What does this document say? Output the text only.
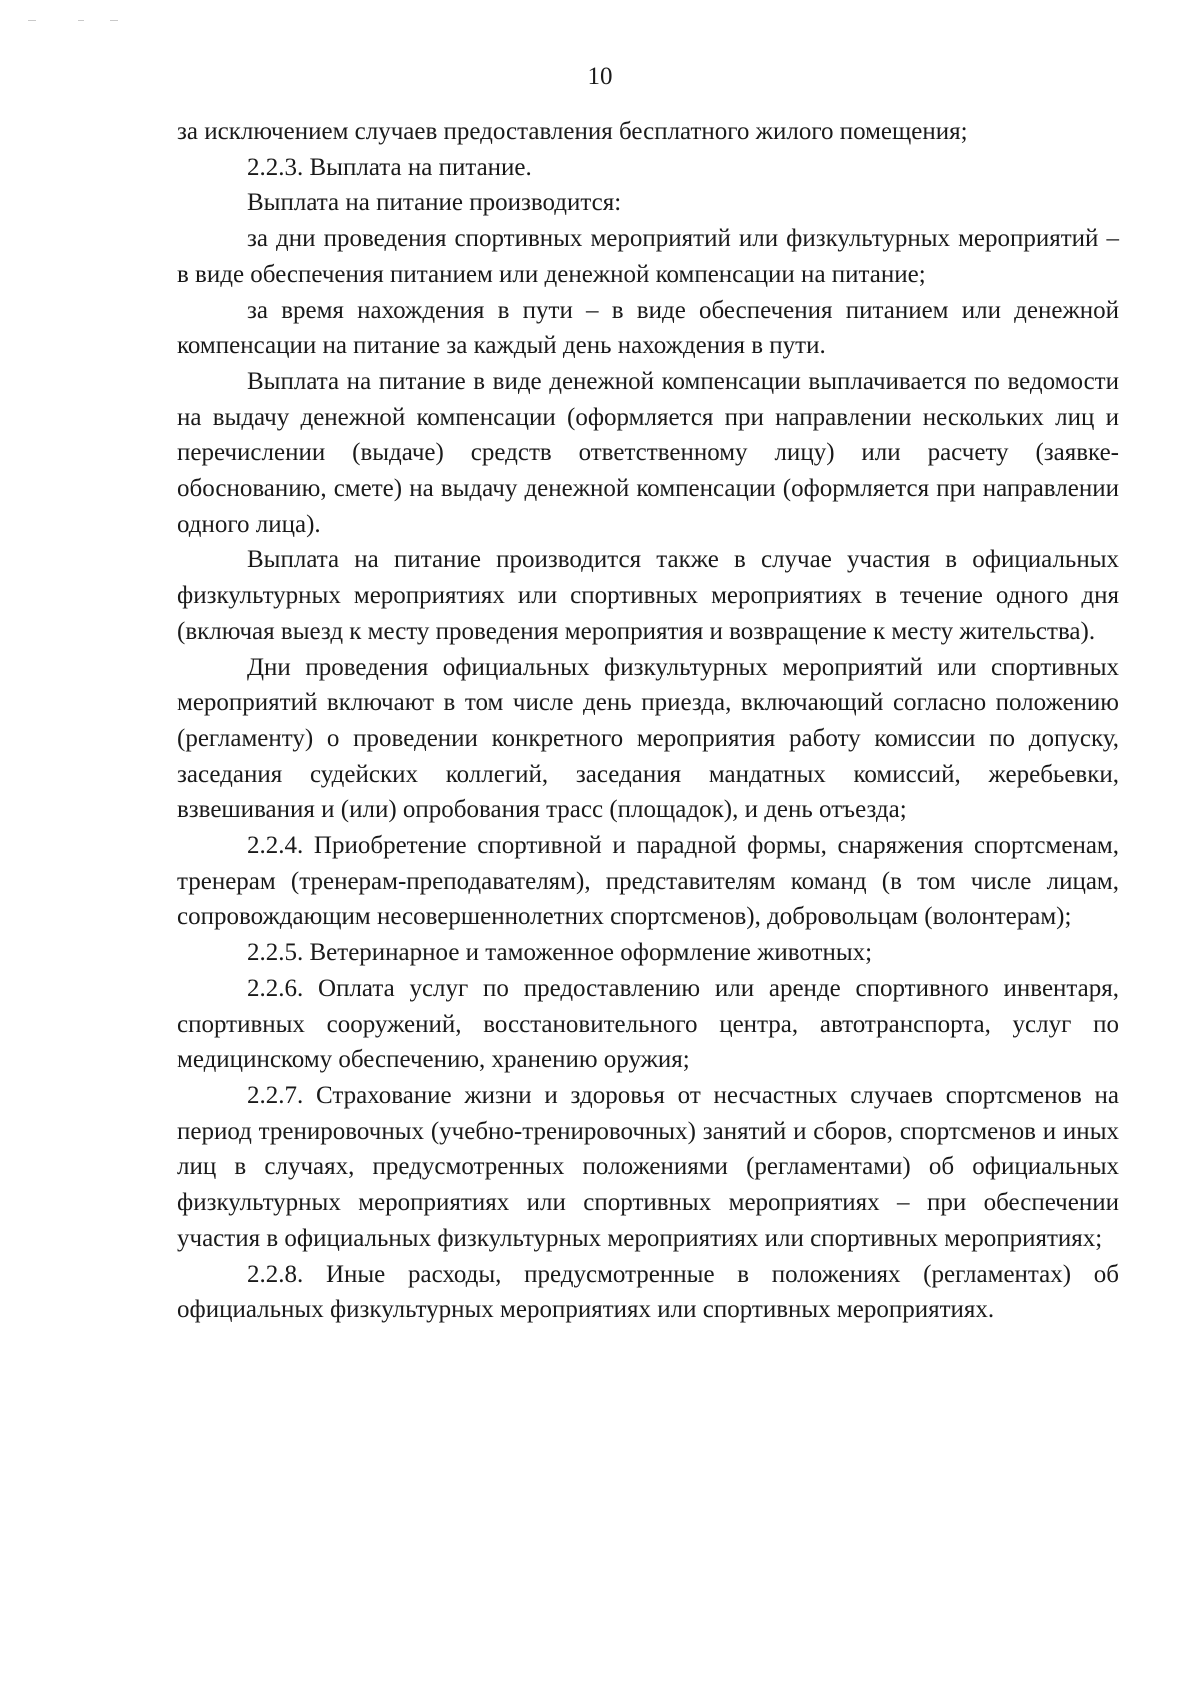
10

за исключением случаев предоставления бесплатного жилого помещения;

2.2.3. Выплата на питание.

Выплата на питание производится:

за дни проведения спортивных мероприятий или физкультурных мероприятий – в виде обеспечения питанием или денежной компенсации на питание;

за время нахождения в пути – в виде обеспечения питанием или денежной компенсации на питание за каждый день нахождения в пути.

Выплата на питание в виде денежной компенсации выплачивается по ведомости на выдачу денежной компенсации (оформляется при направлении нескольких лиц и перечислении (выдаче) средств ответственному лицу) или расчету (заявке-обоснованию, смете) на выдачу денежной компенсации (оформляется при направлении одного лица).

Выплата на питание производится также в случае участия в официальных физкультурных мероприятиях или спортивных мероприятиях в течение одного дня (включая выезд к месту проведения мероприятия и возвращение к месту жительства).

Дни проведения официальных физкультурных мероприятий или спортивных мероприятий включают в том числе день приезда, включающий согласно положению (регламенту) о проведении конкретного мероприятия работу комиссии по допуску, заседания судейских коллегий, заседания мандатных комиссий, жеребьевки, взвешивания и (или) опробования трасс (площадок), и день отъезда;

2.2.4. Приобретение спортивной и парадной формы, снаряжения спортсменам, тренерам (тренерам-преподавателям), представителям команд (в том числе лицам, сопровождающим несовершеннолетних спортсменов), добровольцам (волонтерам);

2.2.5. Ветеринарное и таможенное оформление животных;

2.2.6. Оплата услуг по предоставлению или аренде спортивного инвентаря, спортивных сооружений, восстановительного центра, автотранспорта, услуг по медицинскому обеспечению, хранению оружия;

2.2.7. Страхование жизни и здоровья от несчастных случаев спортсменов на период тренировочных (учебно-тренировочных) занятий и сборов, спортсменов и иных лиц в случаях, предусмотренных положениями (регламентами) об официальных физкультурных мероприятиях или спортивных мероприятиях – при обеспечении участия в официальных физкультурных мероприятиях или спортивных мероприятиях;

2.2.8. Иные расходы, предусмотренные в положениях (регламентах) об официальных физкультурных мероприятиях или спортивных мероприятиях.
